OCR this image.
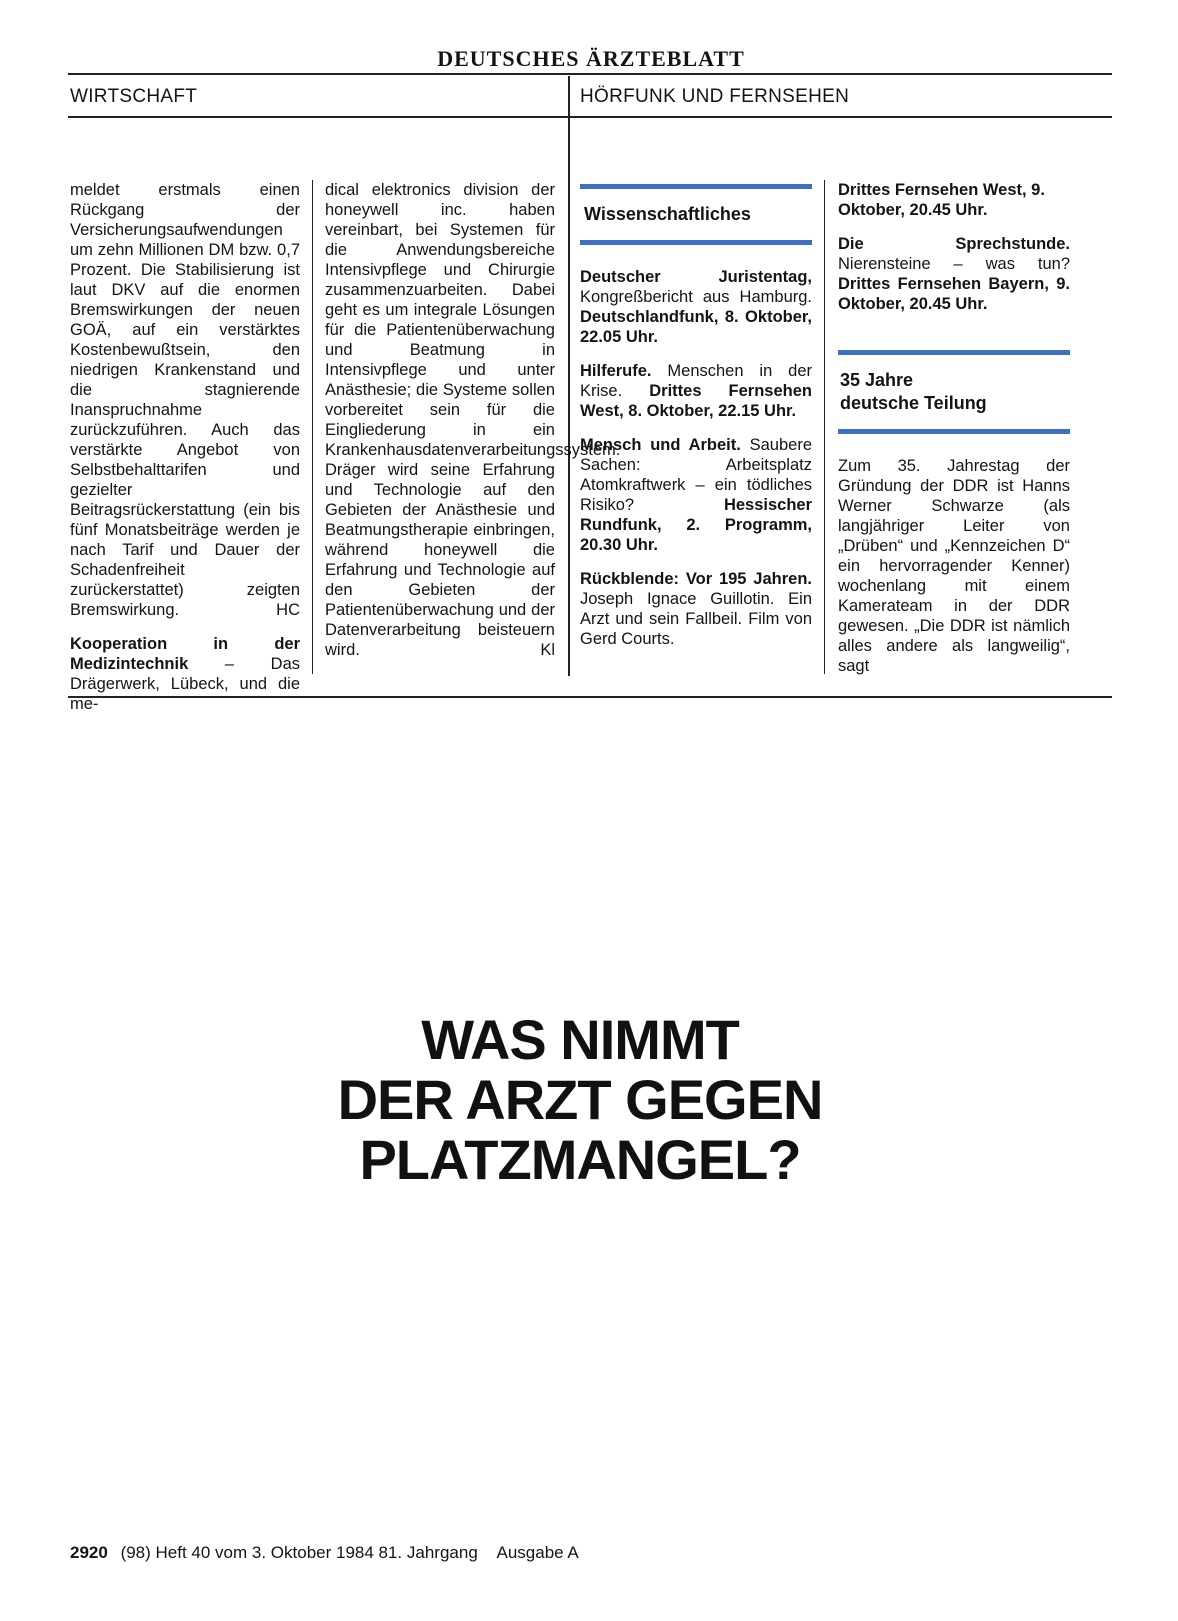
DEUTSCHES ÄRZTEBLATT
WIRTSCHAFT	HÖRFUNK UND FERNSEHEN

meldet erstmals einen Rückgang der Versicherungsaufwendungen um zehn Millionen DM bzw. 0,7 Prozent. Die Stabilisierung ist laut DKV auf die enormen Bremswirkungen der neuen GOÄ, auf ein verstärktes Kostenbewußtsein, den niedrigen Krankenstand und die stagnierende Inanspruchnahme zurückzuführen. Auch das verstärkte Angebot von Selbstbehalttarifen und gezielter Beitragsrückerstattung (ein bis fünf Monatsbeiträge werden je nach Tarif und Dauer der Schadenfreiheit zurückerstattet) zeigten Bremswirkung.	HC

Kooperation in der Medizintechnik – Das Drägerwerk, Lübeck, und die me-

dical elektronics division der honeywell inc. haben vereinbart, bei Systemen für die Anwendungsbereiche Intensivpflege und Chirurgie zusammenzuarbeiten. Dabei geht es um integrale Lösungen für die Patientenüberwachung und Beatmung in Intensivpflege und unter Anästhesie; die Systeme sollen vorbereitet sein für die Eingliederung in ein Krankenhausdatenverarbeitungssystem. Dräger wird seine Erfahrung und Technologie auf den Gebieten der Anästhesie und Beatmungstherapie einbringen, während honeywell die Erfahrung und Technologie auf den Gebieten der Patientenüberwachung und der Datenverarbeitung beisteuern wird.	Kl

Wissenschaftliches

Deutscher Juristentag, Kongreßbericht aus Hamburg. Deutschlandfunk, 8. Oktober, 22.05 Uhr.

Hilferufe. Menschen in der Krise. Drittes Fernsehen West, 8. Oktober, 22.15 Uhr.

Mensch und Arbeit. Saubere Sachen: Arbeitsplatz Atomkraftwerk – ein tödliches Risiko? Hessischer Rundfunk, 2. Programm, 20.30 Uhr.

Rückblende: Vor 195 Jahren. Joseph Ignace Guillotin. Ein Arzt und sein Fallbeil. Film von Gerd Courts.

Drittes Fernsehen West, 9. Oktober, 20.45 Uhr.

Die Sprechstunde. Nierensteine – was tun? Drittes Fernsehen Bayern, 9. Oktober, 20.45 Uhr.

35 Jahre
deutsche Teilung

Zum 35. Jahrestag der Gründung der DDR ist Hanns Werner Schwarze (als langjähriger Leiter von „Drüben“ und „Kennzeichen D“ ein hervorragender Kenner) wochenlang mit einem Kamerateam in der DDR gewesen. „Die DDR ist nämlich alles andere als langweilig“, sagt

WAS NIMMT
DER ARZT GEGEN
PLATZMANGEL?
2920 (98) Heft 40 vom 3. Oktober 1984 81. Jahrgang Ausgabe A
